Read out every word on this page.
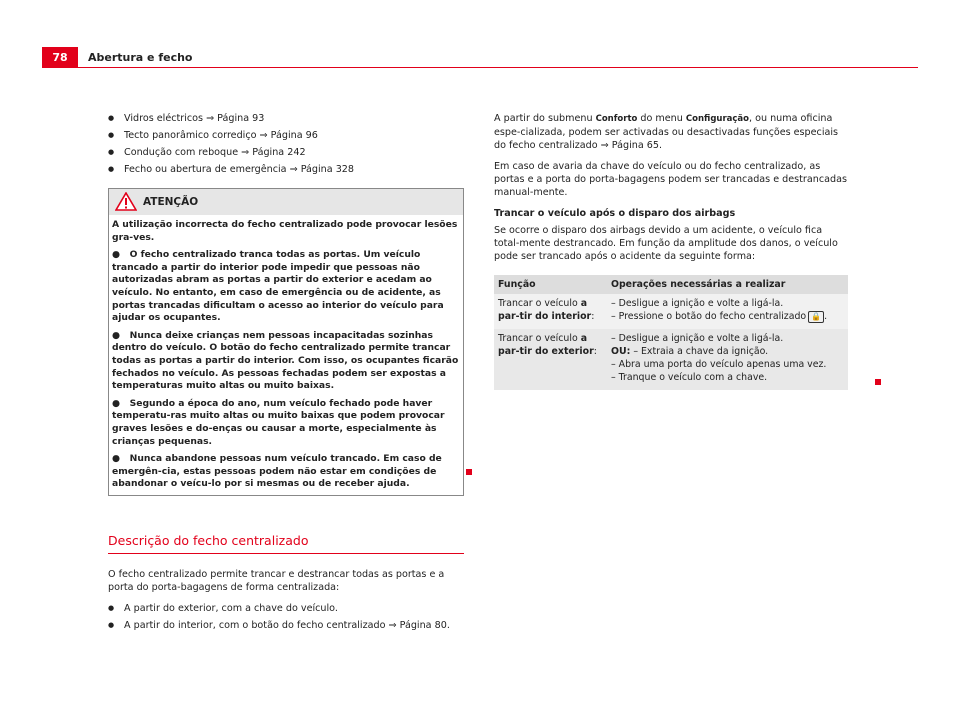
78	Abertura e fecho
● Vidros eléctricos ⇒ Página 93
● Tecto panorâmico corrediço ⇒ Página 96
● Condução com reboque ⇒ Página 242
● Fecho ou abertura de emergência ⇒ Página 328
ATENÇÃO

A utilização incorrecta do fecho centralizado pode provocar lesões gra-ves.

●   O fecho centralizado tranca todas as portas. Um veículo trancado a partir do interior pode impedir que pessoas não autorizadas abram as portas a partir do exterior e acedam ao veículo. No entanto, em caso de emergência ou de acidente, as portas trancadas dificultam o acesso ao interior do veículo para ajudar os ocupantes.

●   Nunca deixe crianças nem pessoas incapacitadas sozinhas dentro do veículo. O botão do fecho centralizado permite trancar todas as portas a partir do interior. Com isso, os ocupantes ficarão fechados no veículo. As pessoas fechadas podem ser expostas a temperaturas muito altas ou muito baixas.

●   Segundo a época do ano, num veículo fechado pode haver temperatu-ras muito altas ou muito baixas que podem provocar graves lesões e do-enças ou causar a morte, especialmente às crianças pequenas.

●   Nunca abandone pessoas num veículo trancado. Em caso de emergên-cia, estas pessoas podem não estar em condições de abandonar o veícu-lo por si mesmas ou de receber ajuda.

Descrição do fecho centralizado

O fecho centralizado permite trancar e destrancar todas as portas e a porta do porta-bagagens de forma centralizada:

● A partir do exterior, com a chave do veículo.
● A partir do interior, com o botão do fecho centralizado ⇒ Página 80.

A partir do submenu Conforto do menu Configuração, ou numa oficina espe-cializada, podem ser activadas ou desactivadas funções especiais do fecho centralizado ⇒ Página 65.

Em caso de avaria da chave do veículo ou do fecho centralizado, as portas e a porta do porta-bagagens podem ser trancadas e destrancadas manual-mente.

Trancar o veículo após o disparo dos airbags

Se ocorre o disparo dos airbags devido a um acidente, o veículo fica total-mente destrancado. Em função da amplitude dos danos, o veículo pode ser trancado após o acidente da seguinte forma:

Função	Operações necessárias a realizar
Trancar o veículo a par-tir do interior:	– Desligue a ignição e volte a ligá-la.
– Pressione o botão do fecho centralizado 🔒 .

Trancar o veículo a par-tir do exterior:	– Desligue a ignição e volte a ligá-la.
OU: – Extraia a chave da ignição.
– Abra uma porta do veículo apenas uma vez.
– Tranque o veículo com a chave.
